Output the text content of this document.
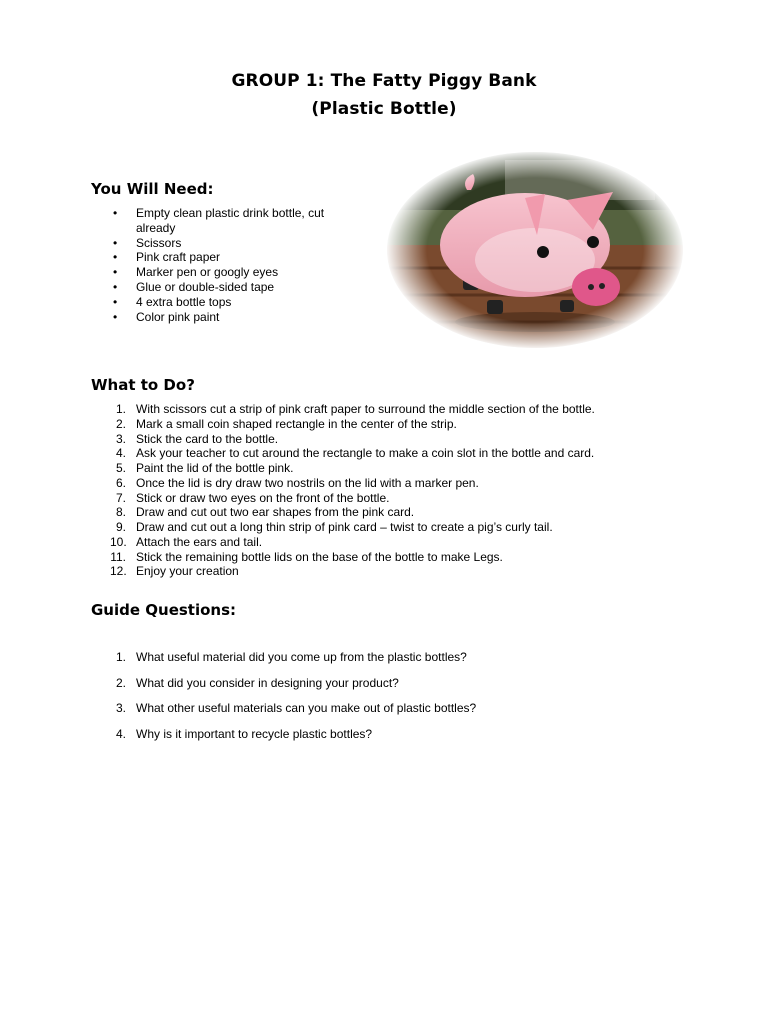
GROUP 1: The Fatty Piggy Bank
(Plastic Bottle)
You Will Need:
• Empty clean plastic drink bottle, cut already
• Scissors
• Pink craft paper
• Marker pen or googly eyes
• Glue or double-sided tape
• 4 extra bottle tops
• Color pink paint
What to Do?
1. With scissors cut a strip of pink craft paper to surround the middle section of the bottle.
2. Mark a small coin shaped rectangle in the center of the strip.
3. Stick the card to the bottle.
4. Ask your teacher to cut around the rectangle to make a coin slot in the bottle and card.
5. Paint the lid of the bottle pink.
6. Once the lid is dry draw two nostrils on the lid with a marker pen.
7. Stick or draw two eyes on the front of the bottle.
8. Draw and cut out two ear shapes from the pink card.
9. Draw and cut out a long thin strip of pink card – twist to create a pig’s curly tail.
10. Attach the ears and tail.
11. Stick the remaining bottle lids on the base of the bottle to make Legs.
12. Enjoy your creation
Guide Questions:
1. What useful material did you come up from the plastic bottles?
2. What did you consider in designing your product?
3. What other useful materials can you make out of plastic bottles?
4. Why is it important to recycle plastic bottles?
